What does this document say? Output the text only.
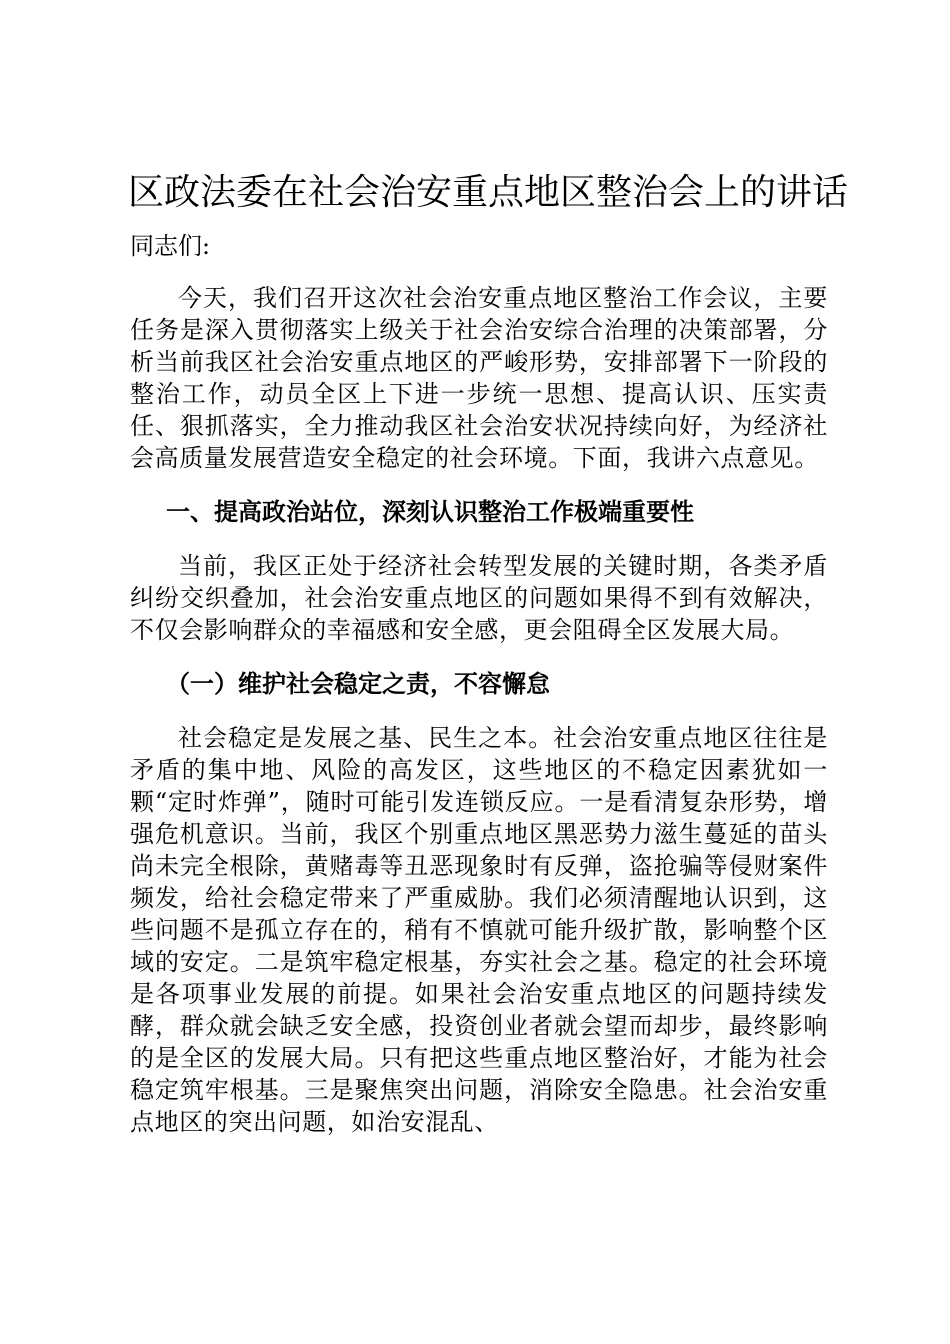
区政法委在社会治安重点地区整治会上的讲话

同志们:

今天，我们召开这次社会治安重点地区整治工作会议，主要任务是深入贯彻落实上级关于社会治安综合治理的决策部署，分析当前我区社会治安重点地区的严峻形势，安排部署下一阶段的整治工作，动员全区上下进一步统一思想、提高认识、压实责任、狠抓落实，全力推动我区社会治安状况持续向好，为经济社会高质量发展营造安全稳定的社会环境。下面，我讲六点意见。

一、提高政治站位，深刻认识整治工作极端重要性

当前，我区正处于经济社会转型发展的关键时期，各类矛盾纠纷交织叠加，社会治安重点地区的问题如果得不到有效解决，不仅会影响群众的幸福感和安全感，更会阻碍全区发展大局。

（一）维护社会稳定之责，不容懈怠

社会稳定是发展之基、民生之本。社会治安重点地区往往是矛盾的集中地、风险的高发区，这些地区的不稳定因素犹如一颗“定时炸弹”，随时可能引发连锁反应。一是看清复杂形势，增强危机意识。当前，我区个别重点地区黑恶势力滋生蔓延的苗头尚未完全根除，黄赌毒等丑恶现象时有反弹，盗抢骗等侵财案件频发，给社会稳定带来了严重威胁。我们必须清醒地认识到，这些问题不是孤立存在的，稍有不慎就可能升级扩散，影响整个区域的安定。二是筑牢稳定根基，夯实社会之基。稳定的社会环境是各项事业发展的前提。如果社会治安重点地区的问题持续发酵，群众就会缺乏安全感，投资创业者就会望而却步，最终影响的是全区的发展大局。只有把这些重点地区整治好，才能为社会稳定筑牢根基。三是聚焦突出问题，消除安全隐患。社会治安重点地区的突出问题，如治安混乱、
